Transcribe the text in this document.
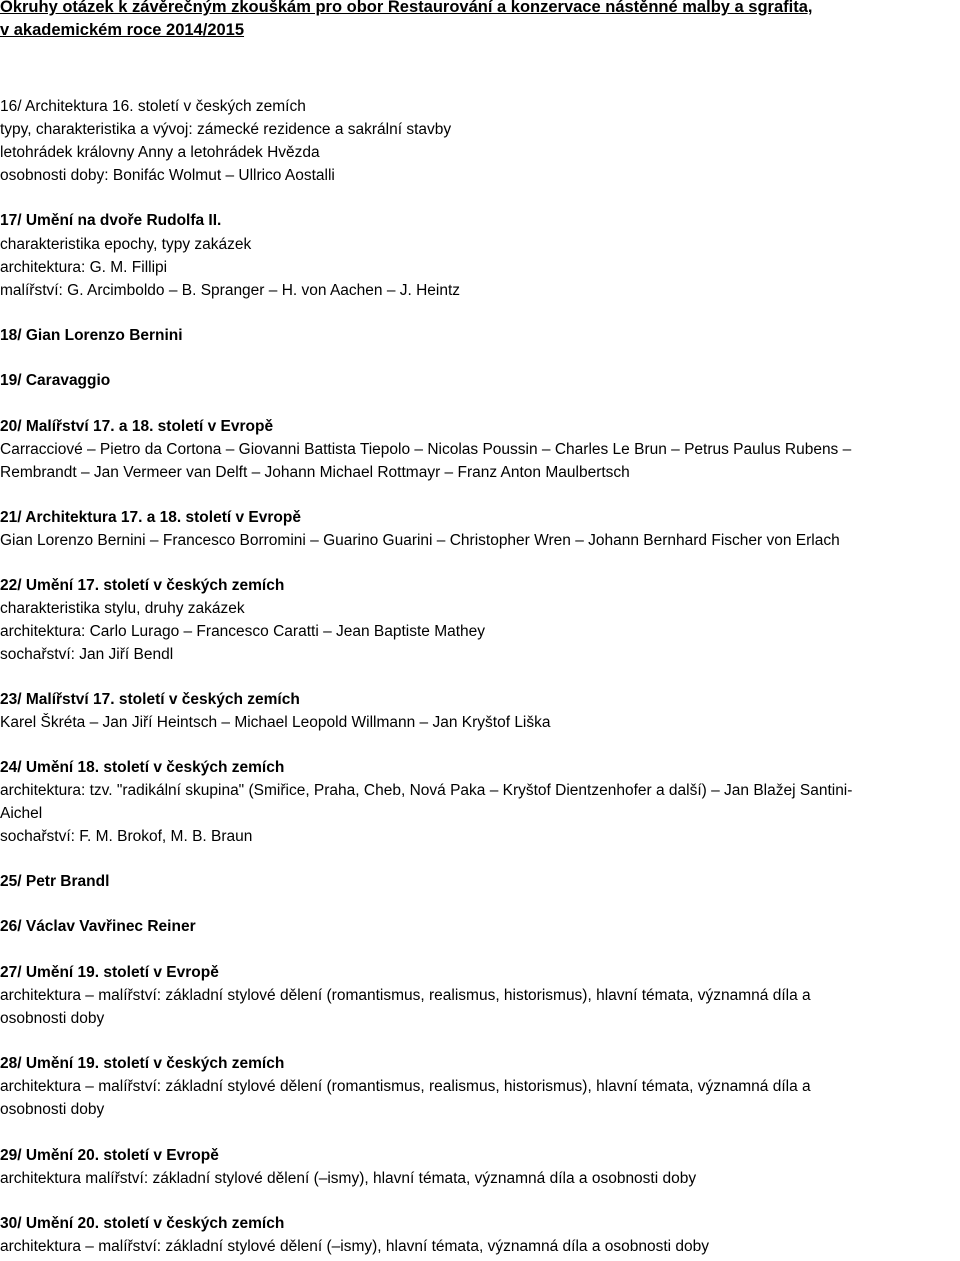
Okruhy otázek k závěrečným zkouškám pro obor Restaurování a konzervace nástěnné malby a sgrafita,
v akademickém roce 2014/2015
16/ Architektura 16. století v českých zemích
typy, charakteristika a vývoj: zámecké rezidence a sakrální stavby
letohrádek královny Anny a letohrádek Hvězda
osobnosti doby: Bonifác Wolmut – Ullrico Aostalli
17/ Umění na dvoře Rudolfa II.
charakteristika epochy, typy zakázek
architektura: G. M. Fillipi
malířství: G. Arcimboldo – B. Spranger – H. von Aachen – J. Heintz
18/ Gian Lorenzo Bernini
19/ Caravaggio
20/ Malířství 17. a 18. století v Evropě
Carracciové – Pietro da Cortona – Giovanni Battista Tiepolo – Nicolas Poussin – Charles Le Brun – Petrus Paulus Rubens –
Rembrandt – Jan Vermeer van Delft – Johann Michael Rottmayr – Franz Anton Maulbertsch
21/ Architektura 17. a 18. století v Evropě
Gian Lorenzo Bernini – Francesco Borromini – Guarino Guarini – Christopher Wren – Johann Bernhard Fischer von Erlach
22/ Umění 17. století v českých zemích
charakteristika stylu, druhy zakázek
architektura: Carlo Lurago – Francesco Caratti – Jean Baptiste Mathey
sochařství: Jan Jiří Bendl
23/ Malířství 17. století v českých zemích
Karel Škréta – Jan Jiří Heintsch – Michael Leopold Willmann – Jan Kryštof Liška
24/ Umění 18. století v českých zemích
architektura: tzv. "radikální skupina" (Smiřice, Praha, Cheb, Nová Paka – Kryštof Dientzenhofer a další) – Jan Blažej Santini-
Aichel
sochařství: F. M. Brokof, M. B. Braun
25/ Petr Brandl
26/ Václav Vavřinec Reiner
27/ Umění 19. století v Evropě
architektura – malířství: základní stylové dělení (romantismus, realismus, historismus), hlavní témata, významná díla a
osobnosti doby
28/ Umění 19. století v českých zemích
architektura – malířství: základní stylové dělení (romantismus, realismus, historismus), hlavní témata, významná díla a
osobnosti doby
29/ Umění 20. století v Evropě
architektura malířství: základní stylové dělení (–ismy), hlavní témata, významná díla a osobnosti doby
30/ Umění 20. století v českých zemích
architektura – malířství: základní stylové dělení (–ismy), hlavní témata, významná díla a osobnosti doby
